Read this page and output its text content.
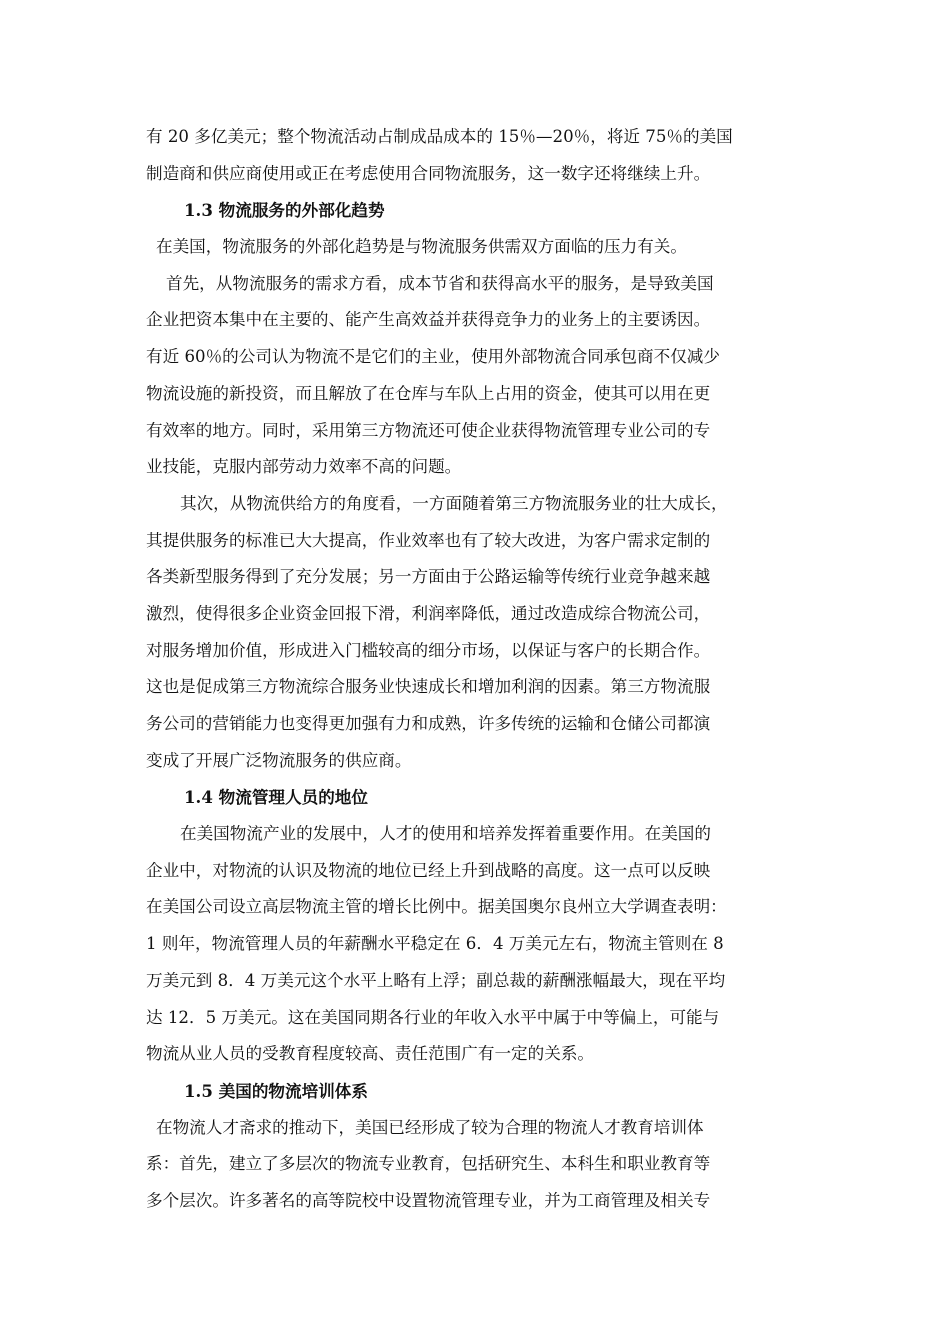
有 20 多亿美元；整个物流活动占制成品成本的 15％—20％，将近 75％的美国
制造商和供应商使用或正在考虑使用合同物流服务，这一数字还将继续上升。
1.3 物流服务的外部化趋势
在美国，物流服务的外部化趋势是与物流服务供需双方面临的压力有关。
首先，从物流服务的需求方看，成本节省和获得高水平的服务，是导致美国
企业把资本集中在主要的、能产生高效益并获得竞争力的业务上的主要诱因。
有近 60％的公司认为物流不是它们的主业，使用外部物流合同承包商不仅减少
物流设施的新投资，而且解放了在仓库与车队上占用的资金，使其可以用在更
有效率的地方。同时，采用第三方物流还可使企业获得物流管理专业公司的专
业技能，克服内部劳动力效率不高的问题。
其次，从物流供给方的角度看，一方面随着第三方物流服务业的壮大成长，
其提供服务的标准已大大提高，作业效率也有了较大改进，为客户需求定制的
各类新型服务得到了充分发展；另一方面由于公路运输等传统行业竞争越来越
激烈，使得很多企业资金回报下滑，利润率降低，通过改造成综合物流公司，
对服务增加价值，形成进入门槛较高的细分市场，以保证与客户的长期合作。
这也是促成第三方物流综合服务业快速成长和增加利润的因素。第三方物流服
务公司的营销能力也变得更加强有力和成熟，许多传统的运输和仓储公司都演
变成了开展广泛物流服务的供应商。
1.4 物流管理人员的地位
在美国物流产业的发展中，人才的使用和培养发挥着重要作用。在美国的
企业中，对物流的认识及物流的地位已经上升到战略的高度。这一点可以反映
在美国公司设立高层物流主管的增长比例中。据美国奥尔良州立大学调查表明：
1 则年，物流管理人员的年薪酬水平稳定在 6．4 万美元左右，物流主管则在 8
万美元到 8．4 万美元这个水平上略有上浮；副总裁的薪酬涨幅最大，现在平均
达 12．5 万美元。这在美国同期各行业的年收入水平中属于中等偏上，可能与
物流从业人员的受教育程度较高、责任范围广有一定的关系。
1.5 美国的物流培训体系
在物流人才斋求的推动下，美国已经形成了较为合理的物流人才教育培训体
系：首先，建立了多层次的物流专业教育，包括研究生、本科生和职业教育等
多个层次。许多著名的高等院校中设置物流管理专业，并为工商管理及相关专
